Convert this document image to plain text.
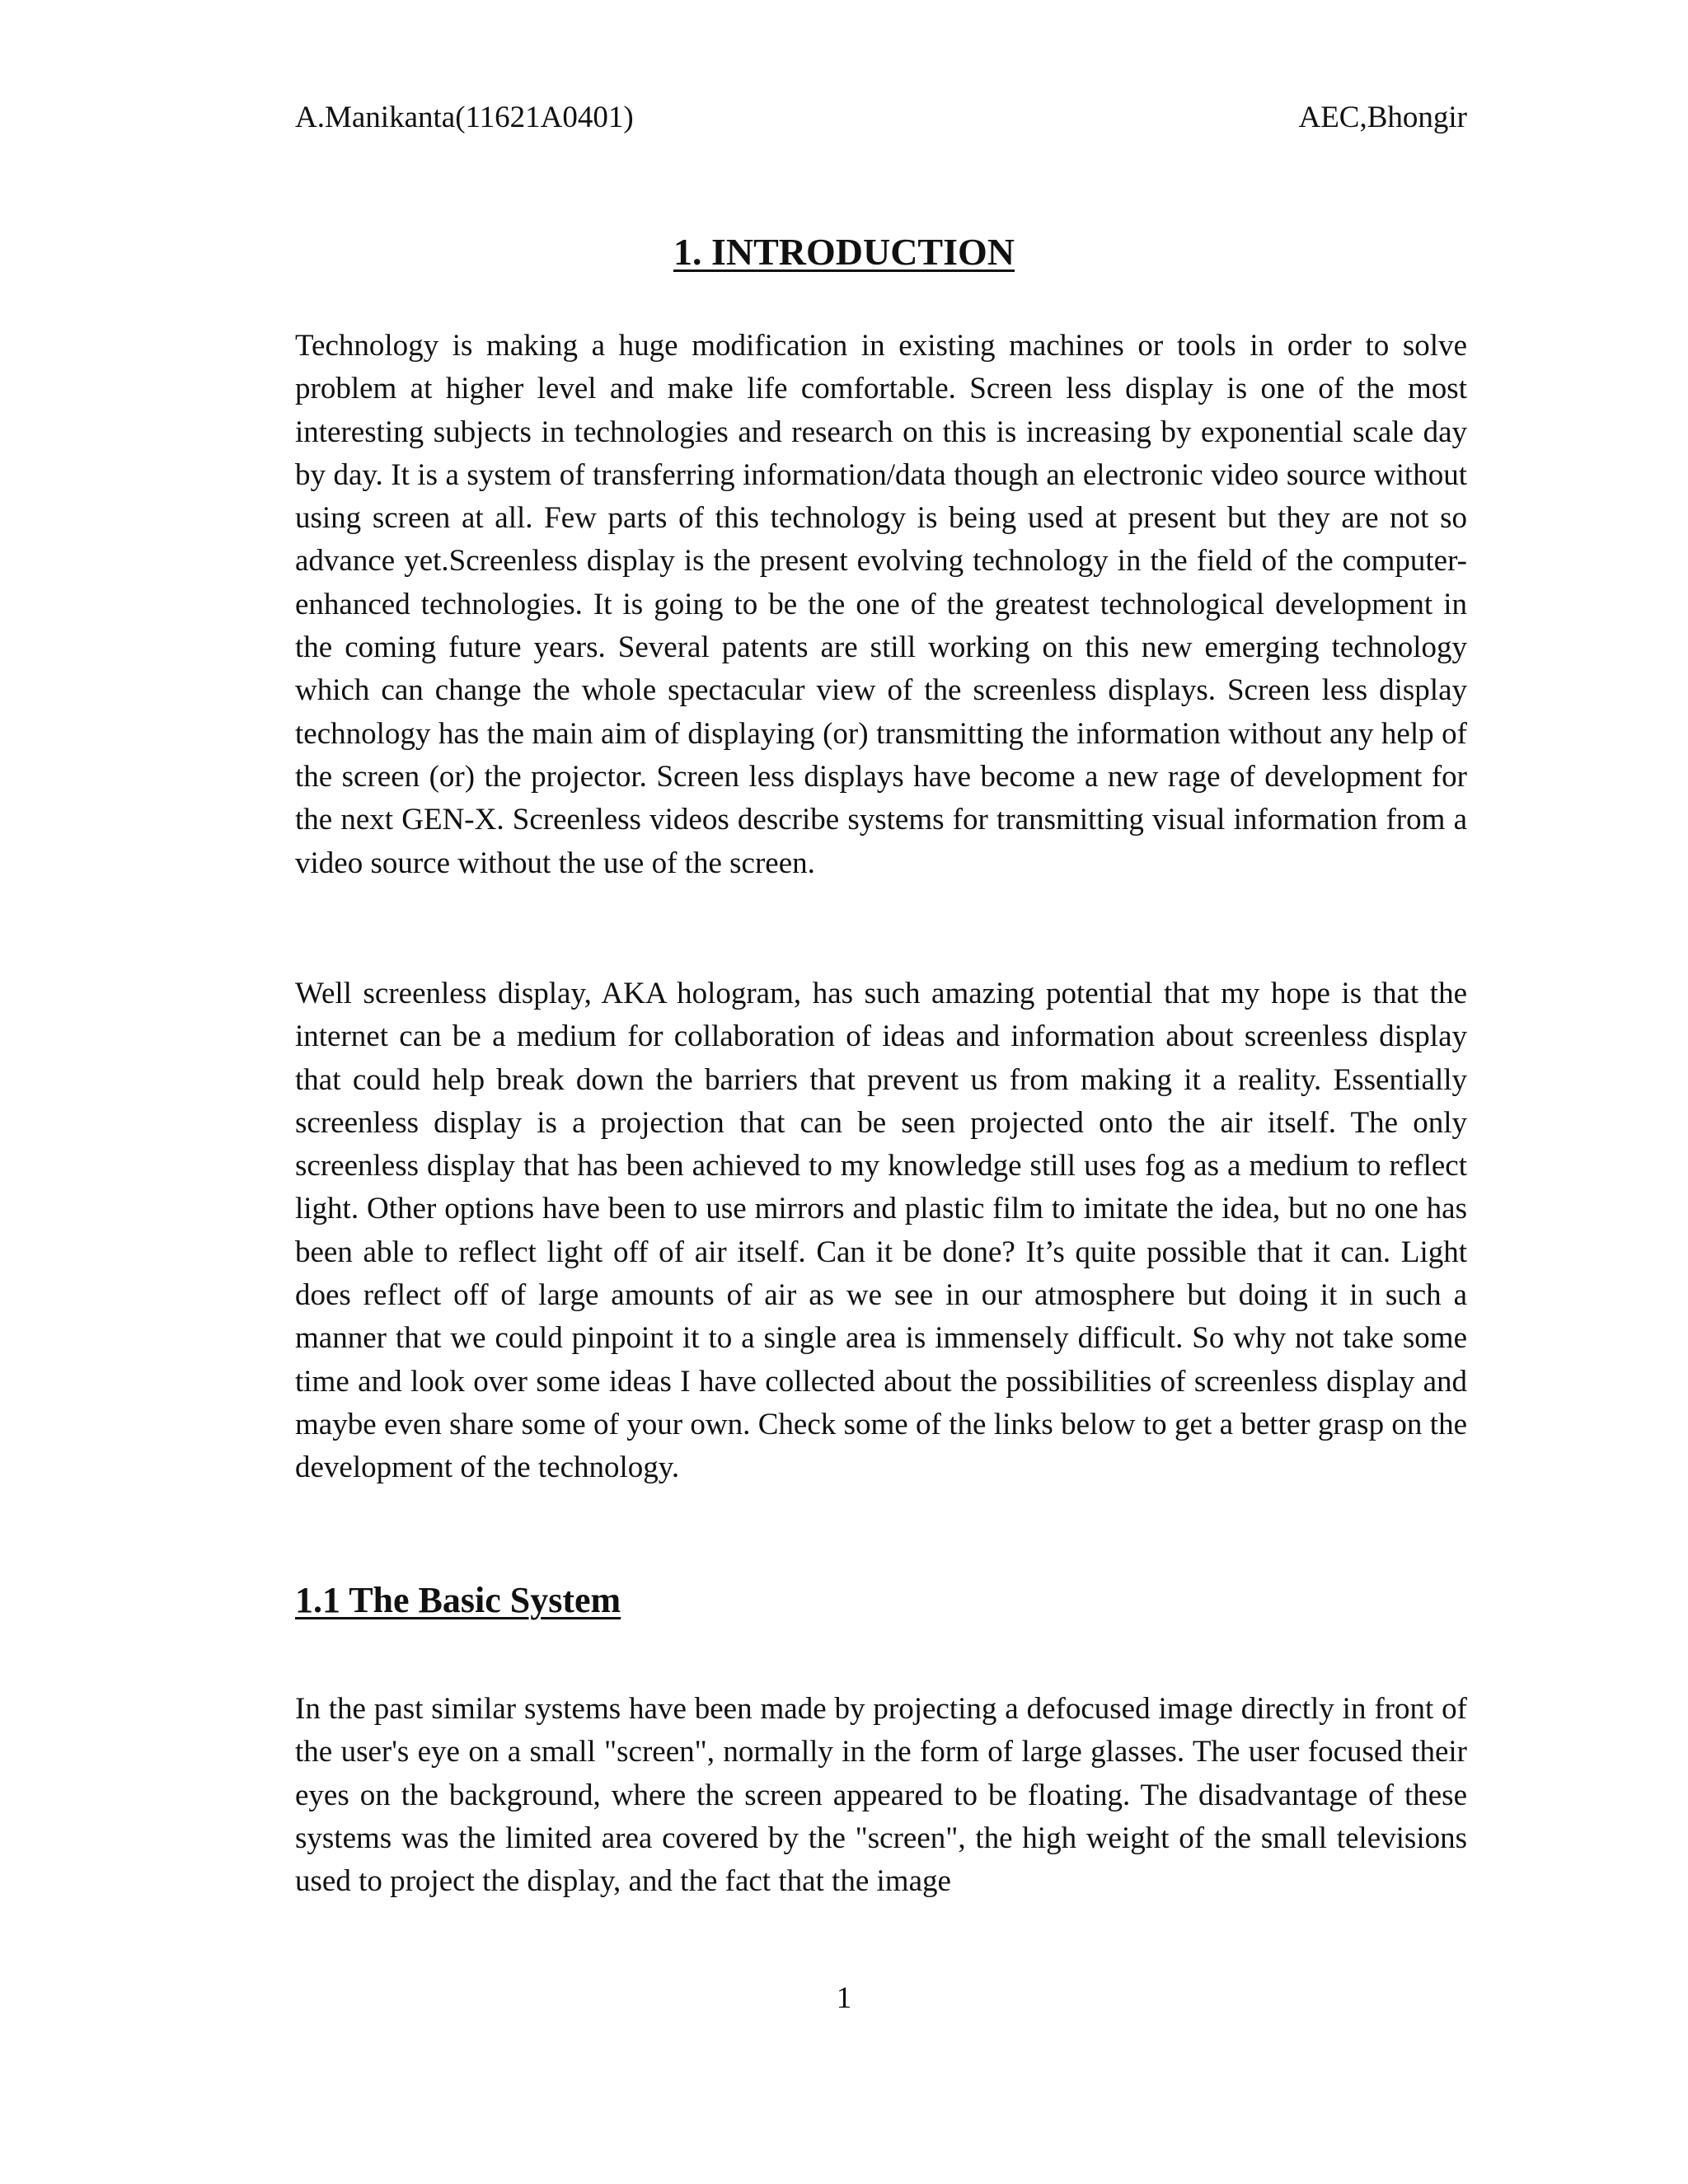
A.Manikanta(11621A0401)	AEC,Bhongir
1. INTRODUCTION

Technology is making a huge modification in existing machines or tools in order to solve problem at higher level and make life comfortable. Screen less display is one of the most interesting subjects in technologies and research on this is increasing by exponential scale day by day. It is a system of transferring information/data though an electronic video source without using screen at all. Few parts of this technology is being used at present but they are not so advance yet.Screenless display is the present evolving technology in the field of the computer-enhanced technologies. It is going to be the one of the greatest technological development in the coming future years. Several patents are still working on this new emerging technology which can change the whole spectacular view of the screenless displays. Screen less display technology has the main aim of displaying (or) transmitting the information without any help of the screen (or) the projector. Screen less displays have become a new rage of development for the next GEN-X. Screenless videos describe systems for transmitting visual information from a video source without the use of the screen.

Well screenless display, AKA hologram, has such amazing potential that my hope is that the internet can be a medium for collaboration of ideas and information about screenless display that could help break down the barriers that prevent us from making it a reality. Essentially screenless display is a projection that can be seen projected onto the air itself. The only screenless display that has been achieved to my knowledge still uses fog as a medium to reflect light. Other options have been to use mirrors and plastic film to imitate the idea, but no one has been able to reflect light off of air itself. Can it be done? It’s quite possible that it can. Light does reflect off of large amounts of air as we see in our atmosphere but doing it in such a manner that we could pinpoint it to a single area is immensely difficult. So why not take some time and look over some ideas I have collected about the possibilities of screenless display and maybe even share some of your own. Check some of the links below to get a better grasp on the development of the technology.

1.1 The Basic System

In the past similar systems have been made by projecting a defocused image directly in front of the user's eye on a small "screen", normally in the form of large glasses. The user focused their eyes on the background, where the screen appeared to be floating. The disadvantage of these systems was the limited area covered by the "screen", the high weight of the small televisions used to project the display, and the fact that the image

1
